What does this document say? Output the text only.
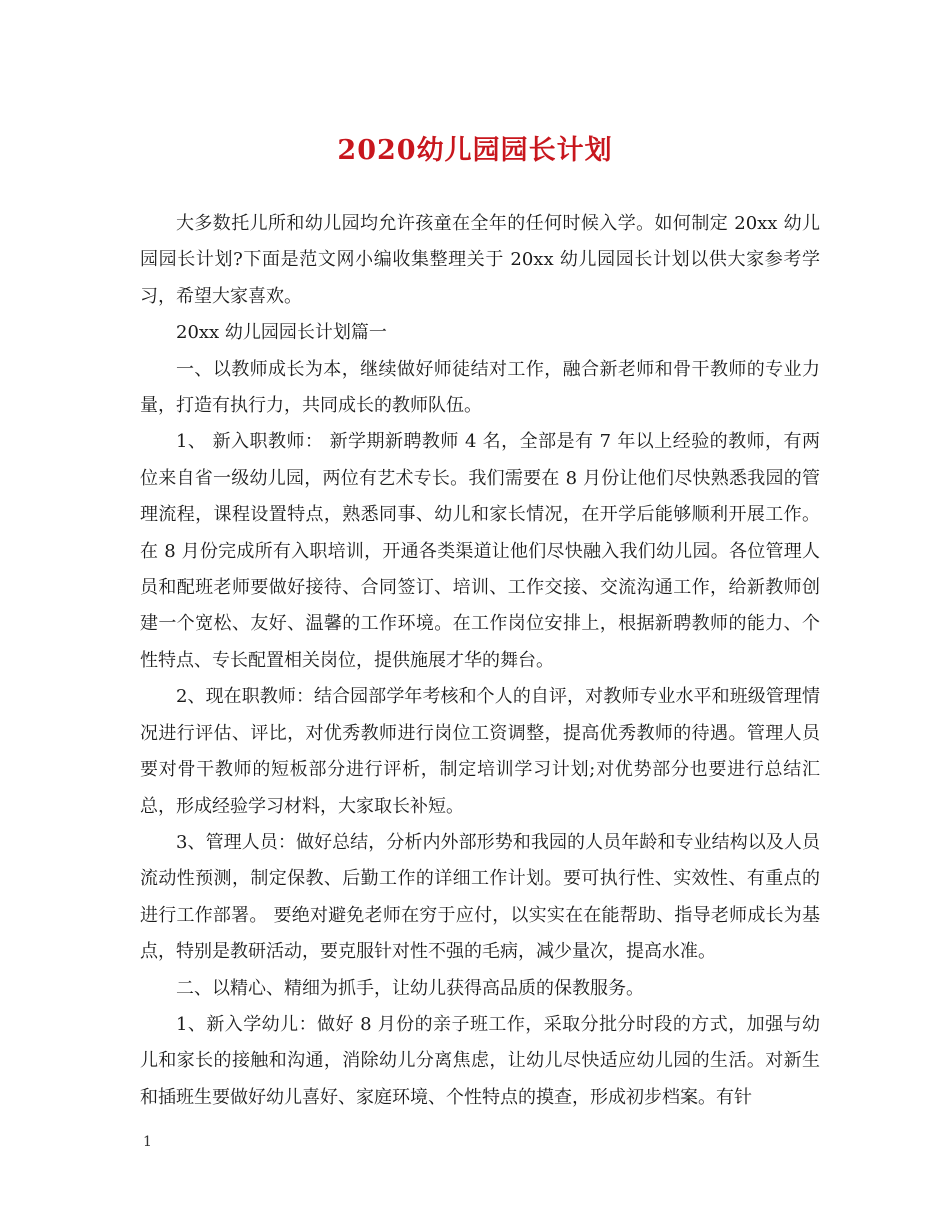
2020幼儿园园长计划

大多数托儿所和幼儿园均允许孩童在全年的任何时候入学。如何制定 20xx 幼儿园园长计划?下面是范文网小编收集整理关于 20xx 幼儿园园长计划以供大家参考学习，希望大家喜欢。

20xx 幼儿园园长计划篇一

一、以教师成长为本，继续做好师徒结对工作，融合新老师和骨干教师的专业力量，打造有执行力，共同成长的教师队伍。

1、 新入职教师： 新学期新聘教师 4 名，全部是有 7 年以上经验的教师，有两位来自省一级幼儿园，两位有艺术专长。我们需要在 8 月份让他们尽快熟悉我园的管理流程，课程设置特点，熟悉同事、幼儿和家长情况，在开学后能够顺利开展工作。 在 8 月份完成所有入职培训，开通各类渠道让他们尽快融入我们幼儿园。各位管理人员和配班老师要做好接待、合同签订、培训、工作交接、交流沟通工作，给新教师创建一个宽松、友好、温馨的工作环境。在工作岗位安排上，根据新聘教师的能力、个性特点、专长配置相关岗位，提供施展才华的舞台。

2、现在职教师：结合园部学年考核和个人的自评，对教师专业水平和班级管理情况进行评估、评比，对优秀教师进行岗位工资调整，提高优秀教师的待遇。管理人员要对骨干教师的短板部分进行评析，制定培训学习计划;对优势部分也要进行总结汇总，形成经验学习材料，大家取长补短。

3、管理人员：做好总结，分析内外部形势和我园的人员年龄和专业结构以及人员流动性预测，制定保教、后勤工作的详细工作计划。要可执行性、实效性、有重点的进行工作部署。 要绝对避免老师在穷于应付，以实实在在能帮助、指导老师成长为基点，特别是教研活动，要克服针对性不强的毛病，减少量次，提高水准。

二、以精心、精细为抓手，让幼儿获得高品质的保教服务。

1、新入学幼儿：做好 8 月份的亲子班工作，采取分批分时段的方式，加强与幼儿和家长的接触和沟通，消除幼儿分离焦虑，让幼儿尽快适应幼儿园的生活。对新生和插班生要做好幼儿喜好、家庭环境、个性特点的摸查，形成初步档案。有针

1
